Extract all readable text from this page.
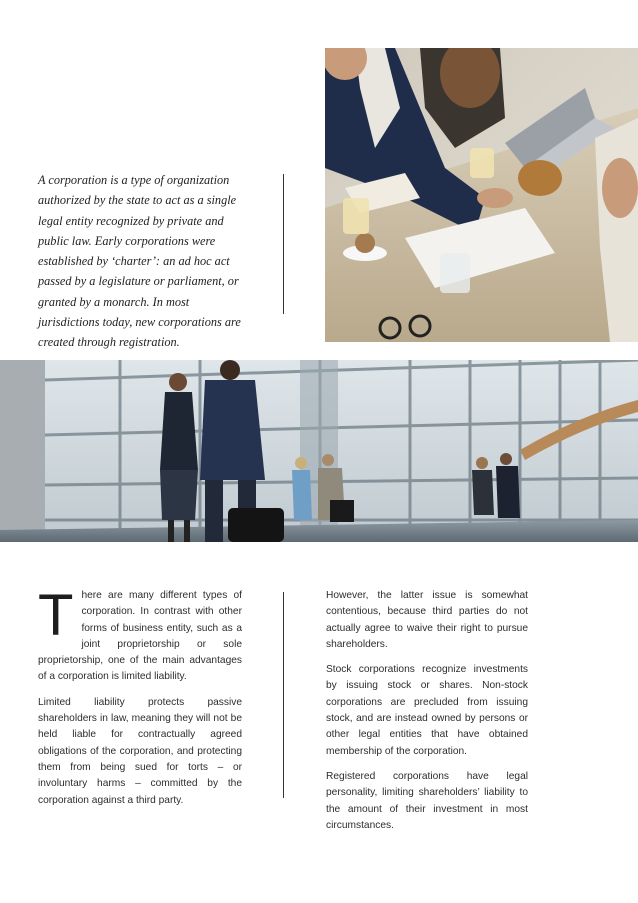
A corporation is a type of organization authorized by the state to act as a single legal entity recognized by private and public law. Early corporations were established by ‘charter’: an ad hoc act passed by a legislature or parliament, or granted by a monarch. In most jurisdictions today, new corporations are created through registration.

There are many different types of corporation. In contrast with other forms of business entity, such as a joint proprietorship or sole proprietorship, one of the main advantages of a corporation is limited liability.

Limited liability protects passive shareholders in law, meaning they will not be held liable for contractually agreed obligations of the corporation, and protecting them from being sued for torts – or involuntary harms – committed by the corporation against a third party.

However, the latter issue is somewhat contentious, because third parties do not actually agree to waive their right to pursue shareholders.

Stock corporations recognize investments by issuing stock or shares. Non-stock corporations are precluded from issuing stock, and are instead owned by persons or other legal entities that have obtained membership of the corporation.

Registered corporations have legal personality, limiting shareholders’ liability to the amount of their investment in most circumstances.
